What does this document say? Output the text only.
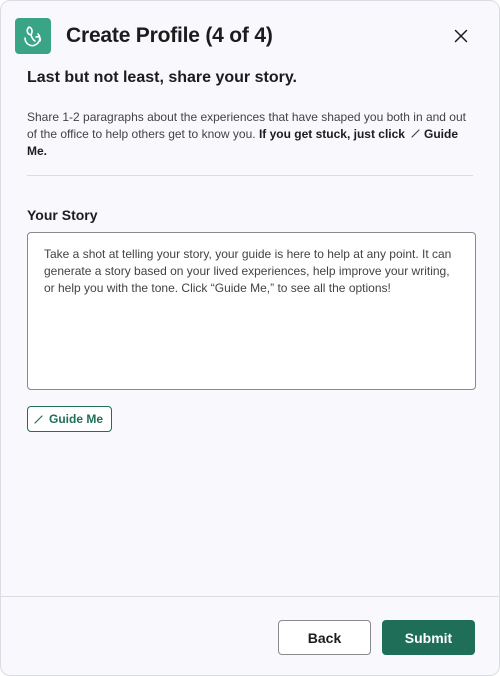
Create Profile (4 of 4)
Last but not least, share your story.

Share 1-2 paragraphs about the experiences that have shaped you both in and out of the office to help others get to know you. If you get stuck, just click Guide Me.

Your Story
Take a shot at telling your story, your guide is here to help at any point. It can generate a story based on your lived experiences, help improve your writing, or help you with the tone. Click “Guide Me,” to see all the options!
Guide Me
Back	Submit
